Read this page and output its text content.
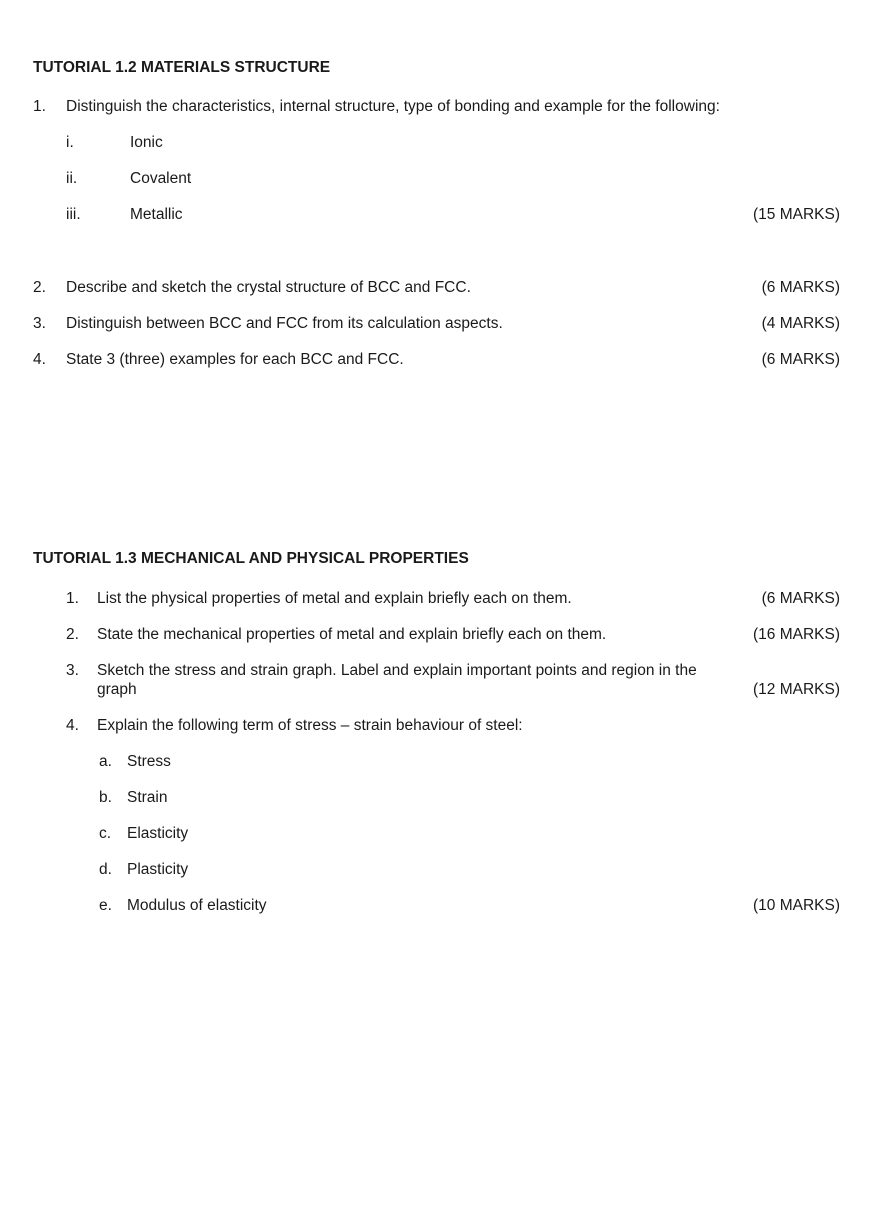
TUTORIAL 1.2 MATERIALS STRUCTURE
1.	Distinguish the characteristics, internal structure, type of bonding and example for the following:
i.	Ionic
ii.	Covalent
iii.	Metallic	(15 MARKS)
2.	Describe and sketch the crystal structure of BCC and FCC.	(6 MARKS)
3.	Distinguish between BCC and FCC from its calculation aspects.	(4 MARKS)
4.	State 3 (three) examples for each BCC and FCC.	(6 MARKS)
TUTORIAL 1.3 MECHANICAL AND PHYSICAL PROPERTIES
1.	List the physical properties of metal and explain briefly each on them.	(6 MARKS)
2.	State the mechanical properties of metal and explain briefly each on them.	(16 MARKS)
3.	Sketch the stress and strain graph. Label and explain important points and region in the graph	(12 MARKS)
4.	Explain the following term of stress – strain behaviour of steel:
a. Stress
b. Strain
c.	Elasticity
d. Plasticity
e. Modulus of elasticity	(10 MARKS)
